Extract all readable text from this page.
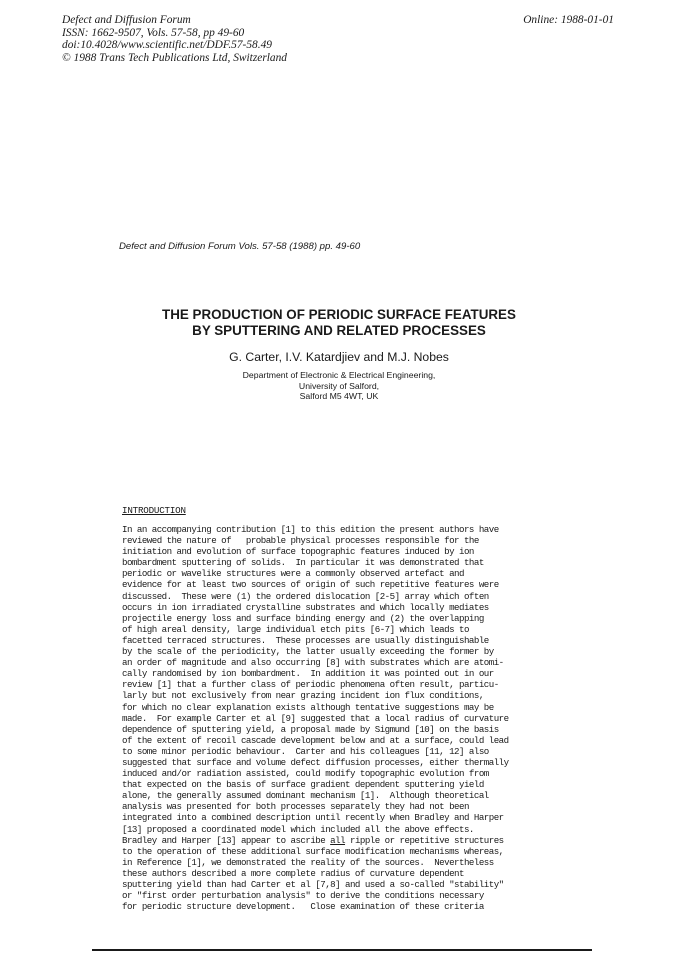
Defect and Diffusion Forum
ISSN: 1662-9507, Vols. 57-58, pp 49-60
doi:10.4028/www.scientific.net/DDF.57-58.49
© 1988 Trans Tech Publications Ltd, Switzerland
Online: 1988-01-01
Defect and Diffusion Forum Vols. 57-58 (1988) pp. 49-60
THE PRODUCTION OF PERIODIC SURFACE FEATURES
BY SPUTTERING AND RELATED PROCESSES
G. Carter, I.V. Katardjiev and M.J. Nobes
Department of Electronic & Electrical Engineering,
University of Salford,
Salford M5 4WT, UK
INTRODUCTION
In an accompanying contribution [1] to this edition the present authors have
reviewed the nature of   probable physical processes responsible for the
initiation and evolution of surface topographic features induced by ion
bombardment sputtering of solids.  In particular it was demonstrated that
periodic or wavelike structures were a commonly observed artefact and
evidence for at least two sources of origin of such repetitive features were
discussed.  These were (1) the ordered dislocation [2-5] array which often
occurs in ion irradiated crystalline substrates and which locally mediates
projectile energy loss and surface binding energy and (2) the overlapping
of high areal density, large individual etch pits [6-7] which leads to
facetted terraced structures.  These processes are usually distinguishable
by the scale of the periodicity, the latter usually exceeding the former by
an order of magnitude and also occurring [8] with substrates which are atomi-
cally randomised by ion bombardment.  In addition it was pointed out in our
review [1] that a further class of periodic phenomena often result, particu-
larly but not exclusively from near grazing incident ion flux conditions,
for which no clear explanation exists although tentative suggestions may be
made.  For example Carter et al [9] suggested that a local radius of curvature
dependence of sputtering yield, a proposal made by Sigmund [10] on the basis
of the extent of recoil cascade development below and at a surface, could lead
to some minor periodic behaviour.  Carter and his colleagues [11, 12] also
suggested that surface and volume defect diffusion processes, either thermally
induced and/or radiation assisted, could modify topographic evolution from
that expected on the basis of surface gradient dependent sputtering yield
alone, the generally assumed dominant mechanism [1].  Although theoretical
analysis was presented for both processes separately they had not been
integrated into a combined description until recently when Bradley and Harper
[13] proposed a coordinated model which included all the above effects.
Bradley and Harper [13] appear to ascribe all ripple or repetitive structures
to the operation of these additional surface modification mechanisms whereas,
in Reference [1], we demonstrated the reality of the sources.  Nevertheless
these authors described a more complete radius of curvature dependent
sputtering yield than had Carter et al [7,8] and used a so-called "stability"
or "first order perturbation analysis" to derive the conditions necessary
for periodic structure development.   Close examination of these criteria
